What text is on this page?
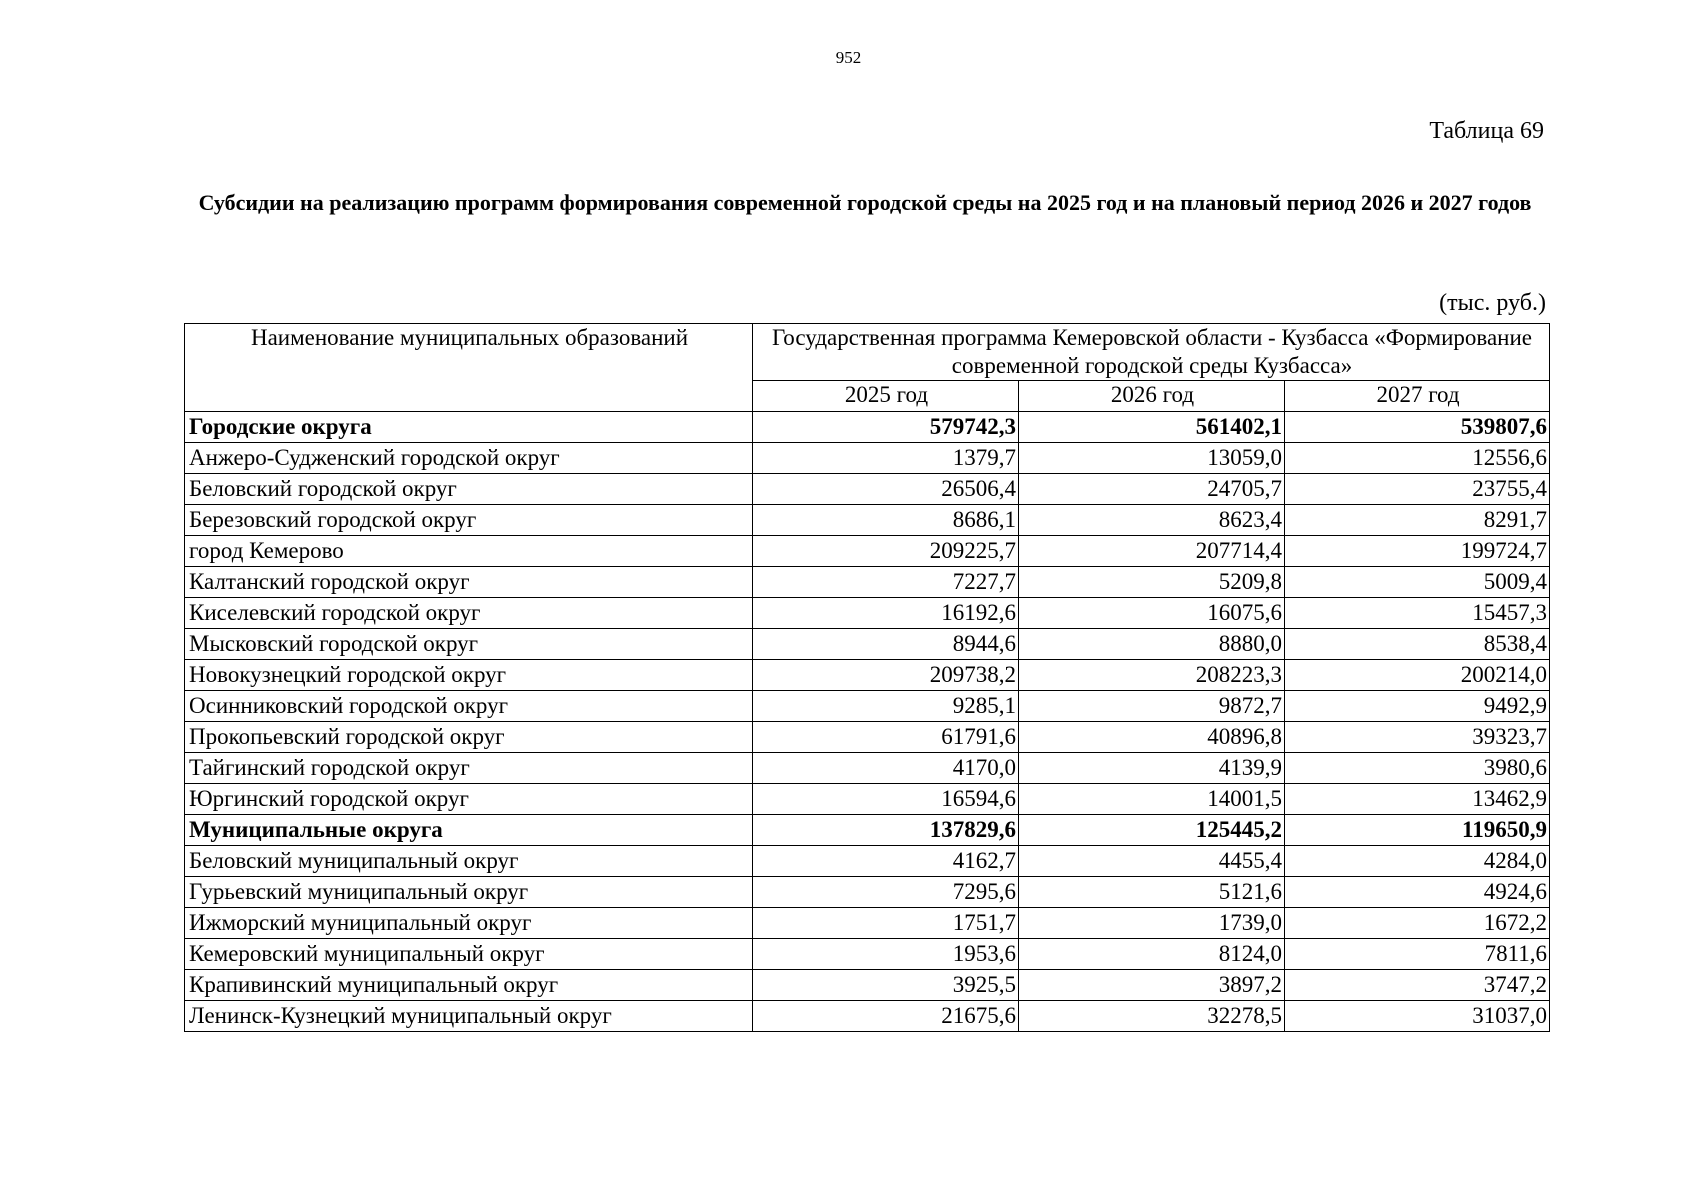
952
Таблица 69
Субсидии на реализацию программ формирования современной городской среды на 2025 год и на плановый период 2026 и 2027 годов
(тыс. руб.)
Наименование муниципальных образований	Государственная программа Кемеровской области - Кузбасса «Формирование современной городской среды Кузбасса»		
	2025 год	2026 год	2027 год
Городские округа	579742,3	561402,1	539807,6
Анжеро-Судженский городской округ	1379,7	13059,0	12556,6
Беловский городской округ	26506,4	24705,7	23755,4
Березовский городской округ	8686,1	8623,4	8291,7
город Кемерово	209225,7	207714,4	199724,7
Калтанский городской округ	7227,7	5209,8	5009,4
Киселевский городской округ	16192,6	16075,6	15457,3
Мысковский городской округ	8944,6	8880,0	8538,4
Новокузнецкий городской округ	209738,2	208223,3	200214,0
Осинниковский городской округ	9285,1	9872,7	9492,9
Прокопьевский городской округ	61791,6	40896,8	39323,7
Тайгинский городской округ	4170,0	4139,9	3980,6
Юргинский городской округ	16594,6	14001,5	13462,9
Муниципальные округа	137829,6	125445,2	119650,9
Беловский муниципальный округ	4162,7	4455,4	4284,0
Гурьевский муниципальный округ	7295,6	5121,6	4924,6
Ижморский муниципальный округ	1751,7	1739,0	1672,2
Кемеровский муниципальный округ	1953,6	8124,0	7811,6
Крапивинский муниципальный округ	3925,5	3897,2	3747,2
Ленинск-Кузнецкий муниципальный округ	21675,6	32278,5	31037,0
